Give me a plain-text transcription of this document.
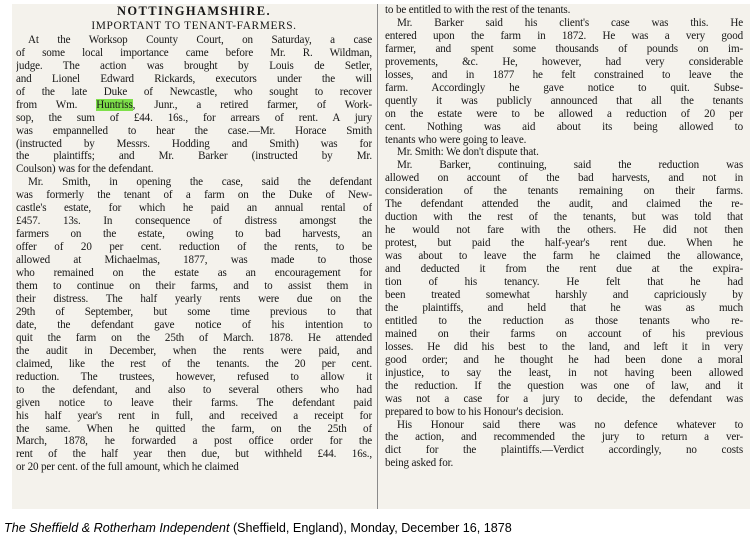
NOTTINGHAMSHIRE.
IMPORTANT TO TENANT-FARMERS.
At the Worksop County Court, on Saturday, a case
of some local importance came before Mr. R. Wildman,
judge. The action was brought by Louis de Setler,
and Lionel Edward Rickards, executors under the will
of the late Duke of Newcastle, who sought to recover
from Wm. Huntriss, Junr., a retired farmer, of Work-
sop, the sum of £44. 16s., for arrears of rent. A jury
was empannelled to hear the case.—Mr. Horace Smith
(instructed by Messrs. Hodding and Smith) was for
the plaintiffs; and Mr. Barker (instructed by Mr.
Coulson) was for the defendant.
Mr. Smith, in opening the case, said the defendant
was formerly the tenant of a farm on the Duke of New-
castle's estate, for which he paid an annual rental of
£457. 13s. In consequence of distress amongst the
farmers on the estate, owing to bad harvests, an
offer of 20 per cent. reduction of the rents, to be
allowed at Michaelmas, 1877, was made to those
who remained on the estate as an encouragement for
them to continue on their farms, and to assist them in
their distress. The half yearly rents were due on the
29th of September, but some time previous to that
date, the defendant gave notice of his intention to
quit the farm on the 25th of March. 1878. He attended
the audit in December, when the rents were paid, and
claimed, like the rest of the tenants. the 20 per cent.
reduction. The trustees, however, refused to allow it
to the defendant, and also to several others who had
given notice to leave their farms. The defendant paid
his half year's rent in full, and received a receipt for
the same. When he quitted the farm, on the 25th of
March, 1878, he forwarded a post office order for the
rent of the half year then due, but withheld £44. 16s.,
or 20 per cent. of the full amount, which he claimed
to be entitled to with the rest of the tenants.
Mr. Barker said his client's case was this. He
entered upon the farm in 1872. He was a very good
farmer, and spent some thousands of pounds on im-
provements, &c. He, however, had very considerable
losses, and in 1877 he felt constrained to leave the
farm. Accordingly he gave notice to quit. Subse-
quently it was publicly announced that all the tenants
on the estate were to be allowed a reduction of 20 per
cent. Nothing was aid about its being allowed to
tenants who were going to leave.
Mr. Smith: We don't dispute that.
Mr. Barker, continuing, said the reduction was
allowed on account of the bad harvests, and not in
consideration of the tenants remaining on their farms.
The defendant attended the audit, and claimed the re-
duction with the rest of the tenants, but was told that
he would not fare with the others. He did not then
protest, but paid the half-year's rent due. When he
was about to leave the farm he claimed the allowance,
and deducted it from the rent due at the expira-
tion of his tenancy. He felt that he had
been treated somewhat harshly and capriciously by
the plaintiffs, and held that he was as much
entitled to the reduction as those tenants who re-
mained on their farms on account of his previous
losses. He did his best to the land, and left it in very
good order; and he thought he had been done a moral
injustice, to say the least, in not having been allowed
the reduction. If the question was one of law, and it
was not a case for a jury to decide, the defendant was
prepared to bow to his Honour's decision.
His Honour said there was no defence whatever to
the action, and recommended the jury to return a ver-
dict for the plaintiffs.—Verdict accordingly, no costs
being asked for.
The Sheffield & Rotherham Independent (Sheffield, England), Monday, December 16, 1878
